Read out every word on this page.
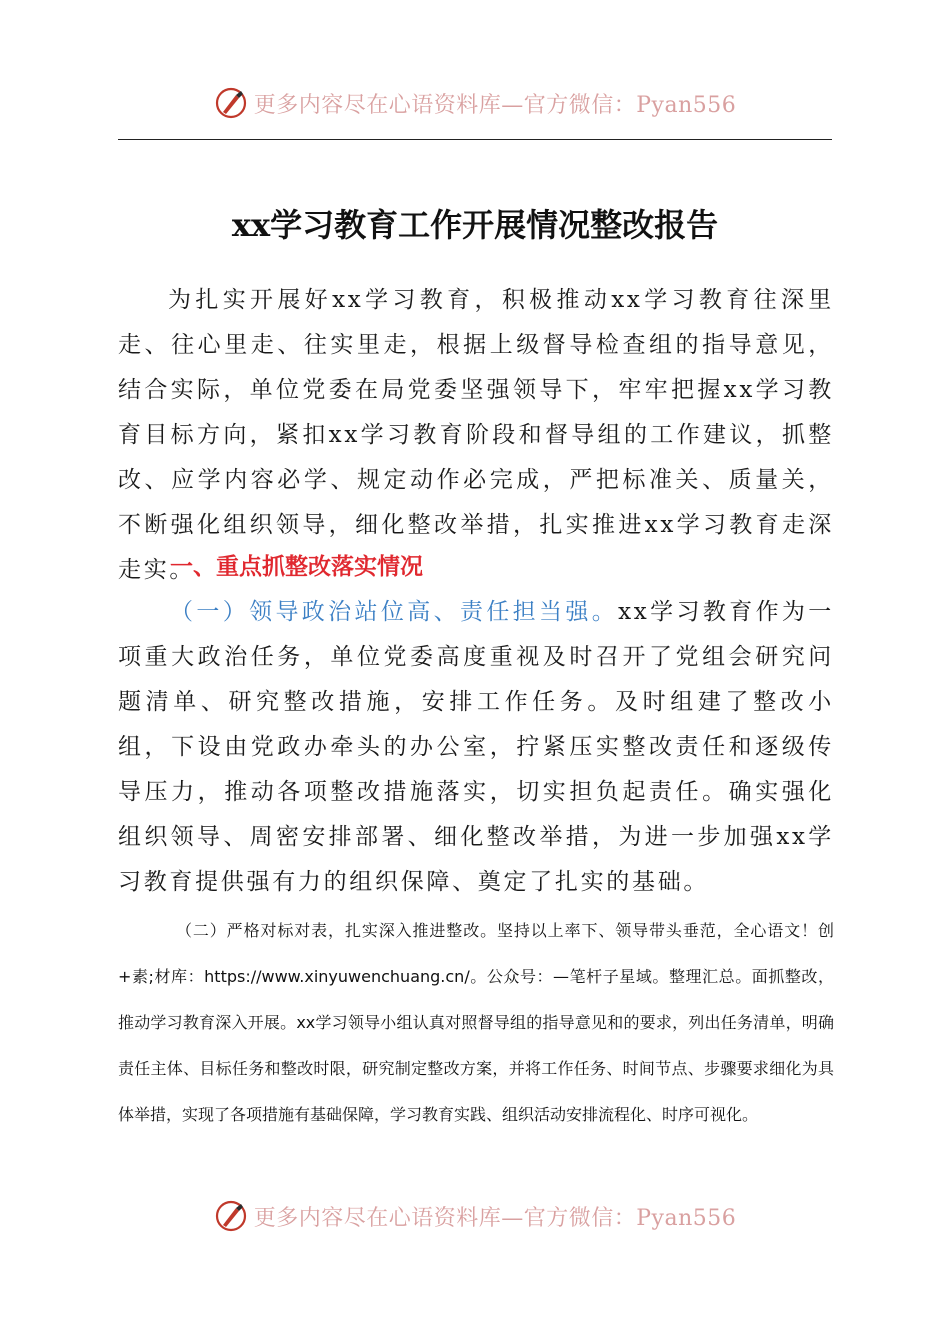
更多内容尽在心语资料库—官方微信：Pyan556
xx学习教育工作开展情况整改报告

为扎实开展好xx学习教育，积极推动xx学习教育往深里走、往心里走、往实里走，根据上级督导检查组的指导意见，结合实际，单位党委在局党委坚强领导下，牢牢把握xx学习教育目标方向，紧扣xx学习教育阶段和督导组的工作建议，抓整改、应学内容必学、规定动作必完成，严把标准关、质量关，不断强化组织领导，细化整改举措，扎实推进xx学习教育走深走实。

一、重点抓整改落实情况

（一）领导政治站位高、责任担当强。xx学习教育作为一项重大政治任务，单位党委高度重视及时召开了党组会研究问题清单、研究整改措施，安排工作任务。及时组建了整改小组，下设由党政办牵头的办公室，拧紧压实整改责任和逐级传导压力，推动各项整改措施落实，切实担负起责任。确实强化组织领导、周密安排部署、细化整改举措，为进一步加强xx学习教育提供强有力的组织保障、奠定了扎实的基础。

（二）严格对标对表，扎实深入推进整改。坚持以上率下、领导带头垂范，全心语文！创+素;材库：https://www.xinyuwenchuang.cn/。公众号：—笔杆子星域。整理汇总。面抓整改，推动学习教育深入开展。xx学习领导小组认真对照督导组的指导意见和的要求，列出任务清单，明确责任主体、目标任务和整改时限，研究制定整改方案，并将工作任务、时间节点、步骤要求细化为具体举措，实现了各项措施有基础保障，学习教育实践、组织活动安排流程化、时序可视化。

更多内容尽在心语资料库—官方微信：Pyan556
